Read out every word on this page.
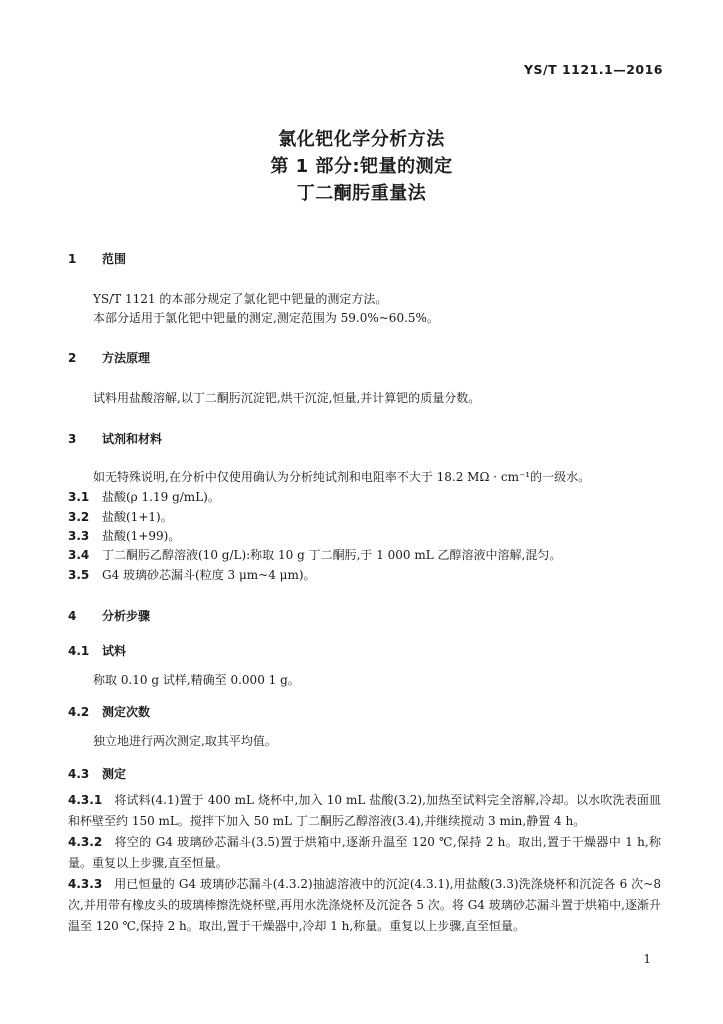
YS/T 1121.1—2016
氯化钯化学分析方法
第 1 部分:钯量的测定
丁二酮肟重量法
1 范围
YS/T 1121 的本部分规定了氯化钯中钯量的测定方法。
本部分适用于氯化钯中钯量的测定,测定范围为 59.0%~60.5%。
2 方法原理
试料用盐酸溶解,以丁二酮肟沉淀钯,烘干沉淀,恒量,并计算钯的质量分数。
3 试剂和材料
如无特殊说明,在分析中仅使用确认为分析纯试剂和电阻率不大于 18.2 MΩ · cm⁻¹的一级水。
3.1 盐酸(ρ 1.19 g/mL)。
3.2 盐酸(1+1)。
3.3 盐酸(1+99)。
3.4 丁二酮肟乙醇溶液(10 g/L):称取 10 g 丁二酮肟,于 1 000 mL 乙醇溶液中溶解,混匀。
3.5 G4 玻璃砂芯漏斗(粒度 3 μm~4 μm)。
4 分析步骤
4.1 试料
称取 0.10 g 试样,精确至 0.000 1 g。
4.2 测定次数
独立地进行两次测定,取其平均值。
4.3 测定
4.3.1 将试料(4.1)置于 400 mL 烧杯中,加入 10 mL 盐酸(3.2),加热至试料完全溶解,冷却。以水吹洗表面皿和杯壁至约 150 mL。搅拌下加入 50 mL 丁二酮肟乙醇溶液(3.4),并继续搅动 3 min,静置 4 h。
4.3.2 将空的 G4 玻璃砂芯漏斗(3.5)置于烘箱中,逐渐升温至 120 ℃,保持 2 h。取出,置于干燥器中 1 h,称量。重复以上步骤,直至恒量。
4.3.3 用已恒量的 G4 玻璃砂芯漏斗(4.3.2)抽滤溶液中的沉淀(4.3.1),用盐酸(3.3)洗涤烧杯和沉淀各 6 次~8 次,并用带有橡皮头的玻璃棒擦洗烧杯壁,再用水洗涤烧杯及沉淀各 5 次。将 G4 玻璃砂芯漏斗置于烘箱中,逐渐升温至 120 ℃,保持 2 h。取出,置于干燥器中,冷却 1 h,称量。重复以上步骤,直至恒量。
1
